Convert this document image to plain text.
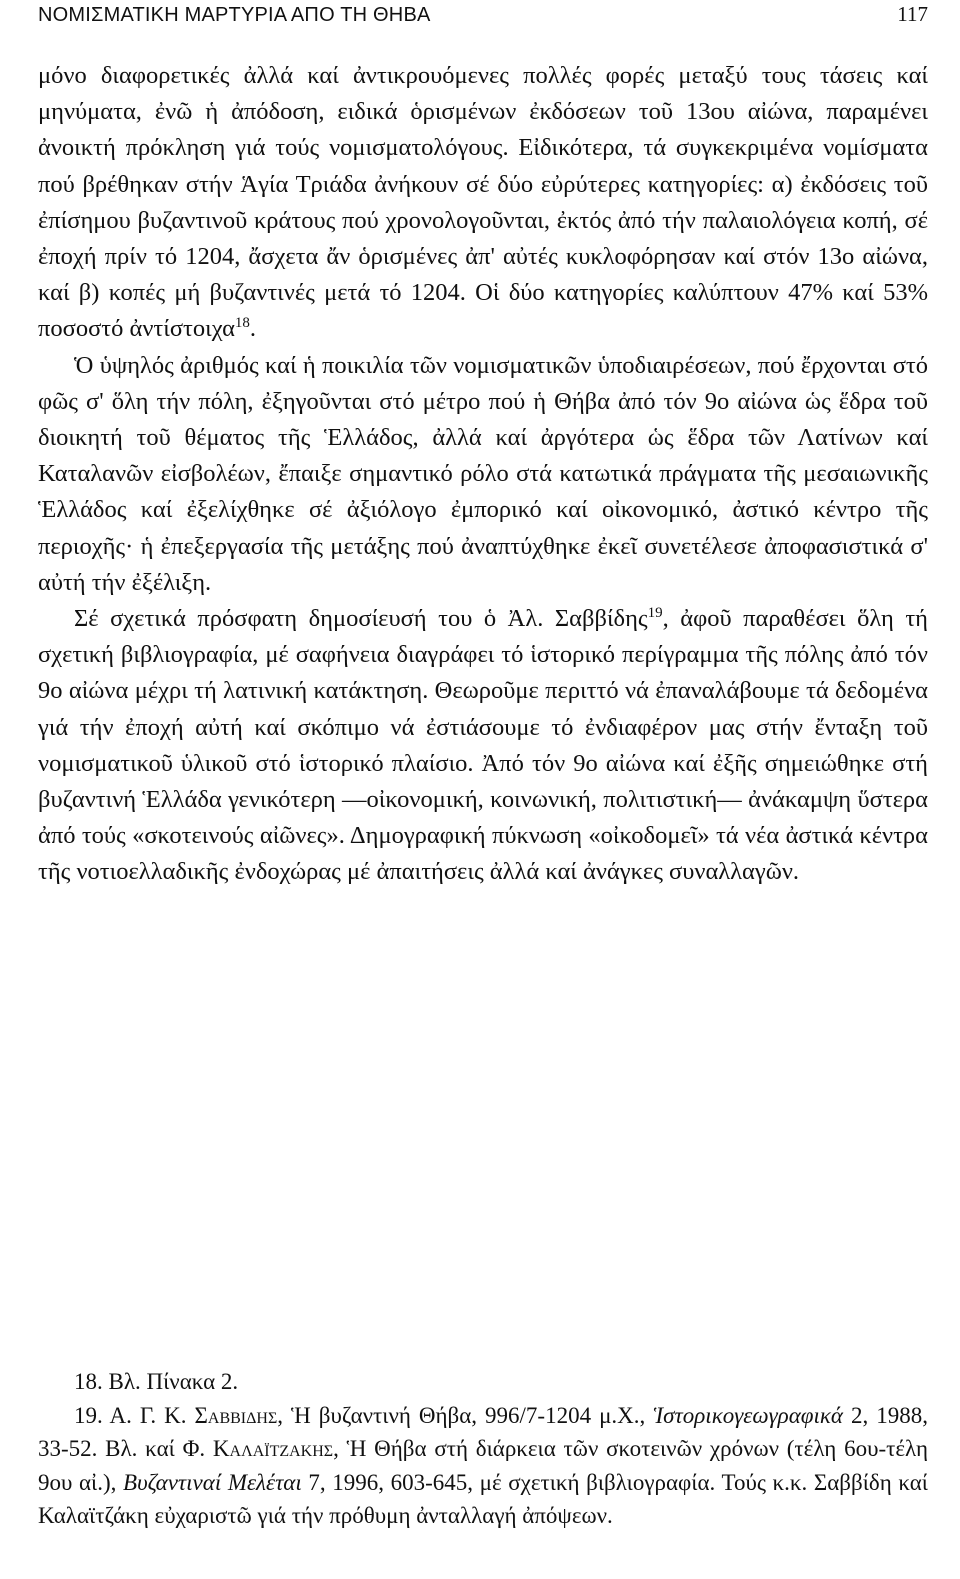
ΝΟΜΙΣΜΑΤΙΚΗ ΜΑΡΤΥΡΙΑ ΑΠΟ ΤΗ ΘΗΒΑ	117

μόνο διαφορετικές ἀλλά καί ἀντικρουόμενες πολλές φορές μεταξύ τους τάσεις καί μηνύματα, ἐνῶ ἡ ἀπόδοση, ειδικά ὁρισμένων ἐκδόσεων τοῦ 13ου αἰώνα, παραμένει ἀνοικτή πρόκληση γιά τούς νομισματολόγους. Εἰδικότερα, τά συγκεκριμένα νομίσματα πού βρέθηκαν στήν Ἁγία Τριάδα ἀνήκουν σέ δύο εὐρύτερες κατηγορίες: α) ἐκδόσεις τοῦ ἐπίσημου βυζαντινοῦ κράτους πού χρονολογοῦνται, ἐκτός ἀπό τήν παλαιολόγεια κοπή, σέ ἐποχή πρίν τό 1204, ἄσχετα ἄν ὁρισμένες ἀπ' αὐτές κυκλοφόρησαν καί στόν 13ο αἰώνα, καί β) κοπές μή βυζαντινές μετά τό 1204. Οἱ δύο κατηγορίες καλύπτουν 47% καί 53% ποσοστό ἀντίστοιχα$^{18}$.

Ὁ ὑψηλός ἀριθμός καί ἡ ποικιλία τῶν νομισματικῶν ὑποδιαιρέσεων, πού ἔρχονται στό φῶς σ' ὅλη τήν πόλη, ἐξηγοῦνται στό μέτρο πού ἡ Θήβα ἀπό τόν 9ο αἰώνα ὡς ἕδρα τοῦ διοικητή τοῦ θέματος τῆς Ἑλλάδος, ἀλλά καί ἀργότερα ὡς ἕδρα τῶν Λατίνων καί Καταλανῶν εἰσβολέων, ἔπαιξε σημαντικό ρόλο στά κατωτικά πράγματα τῆς μεσαιωνικῆς Ἑλλάδος καί ἐξελίχθηκε σέ ἀξιόλογο ἐμπορικό καί οἰκονομικό, ἀστικό κέντρο τῆς περιοχῆς· ἡ ἐπεξεργασία τῆς μετάξης πού ἀναπτύχθηκε ἐκεῖ συνετέλεσε ἀποφασιστικά σ' αὐτή τήν ἐξέλιξη.

Σέ σχετικά πρόσφατη δημοσίευσή του ὁ Ἀλ. Σαββίδης$^{19}$, ἀφοῦ παραθέσει ὅλη τή σχετική βιβλιογραφία, μέ σαφήνεια διαγράφει τό ἱστορικό περίγραμμα τῆς πόλης ἀπό τόν 9ο αἰώνα μέχρι τή λατινική κατάκτηση. Θεωροῦμε περιττό νά ἐπαναλάβουμε τά δεδομένα γιά τήν ἐποχή αὐτή καί σκόπιμο νά ἐστιάσουμε τό ἐνδιαφέρον μας στήν ἔνταξη τοῦ νομισματικοῦ ὑλικοῦ στό ἱστορικό πλαίσιο. Ἀπό τόν 9ο αἰώνα καί ἐξῆς σημειώθηκε στή βυζαντινή Ἑλλάδα γενικότερη —οἰκονομική, κοινωνική, πολιτιστική— ἀνάκαμψη ὕστερα ἀπό τούς «σκοτεινούς αἰῶνες». Δημογραφική πύκνωση «οἰκοδομεῖ» τά νέα ἀστικά κέντρα τῆς νοτιοελλαδικῆς ἐνδοχώρας μέ ἀπαιτήσεις ἀλλά καί ἀνάγκες συναλλαγῶν.

18. Βλ. Πίνακα 2.

19. Α. Γ. Κ. Σαββιδησ, Ἡ βυζαντινή Θήβα, 996/7-1204 μ.Χ., Ἱστορικογεωγραφικά 2, 1988, 33-52. Βλ. καί Φ. Καλαϊτζακησ, Ἡ Θήβα στή διάρκεια τῶν σκοτεινῶν χρόνων (τέλη 6ου-τέλη 9ου αἰ.), Βυζαντιναί Μελέται 7, 1996, 603-645, μέ σχετική βιβλιογραφία. Τούς κ.κ. Σαββίδη καί Καλαϊτζάκη εὐχαριστῶ γιά τήν πρόθυμη ἀνταλλαγή ἀπόψεων.
